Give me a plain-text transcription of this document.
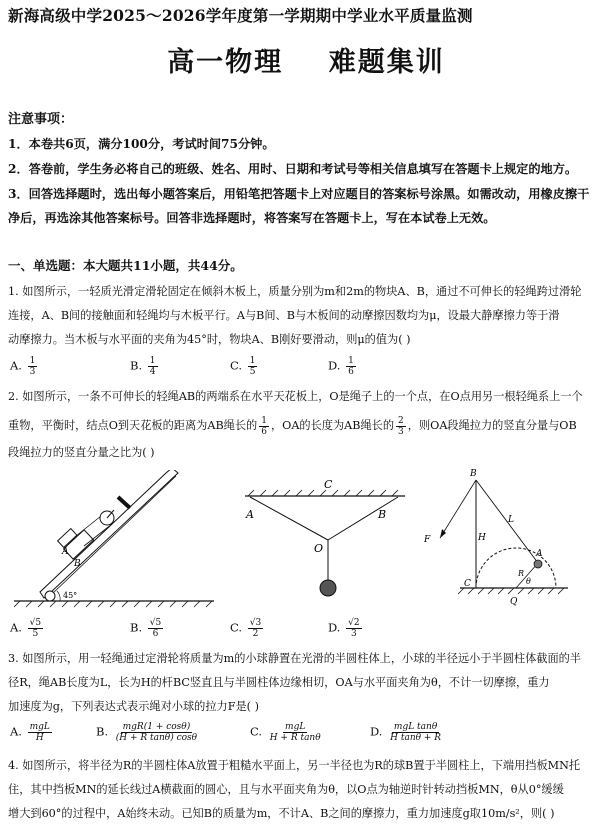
新海高级中学2025～2026学年度第一学期期中学业水平质量监测
高一物理    难题集训
注意事项：
1．本卷共6页，满分100分，考试时间75分钟。
2．答卷前，学生务必将自己的班级、姓名、用时、日期和考试号等相关信息填写在答题卡上规定的地方。
3．回答选择题时，选出每小题答案后，用铅笔把答题卡上对应题目的答案标号涂黑。如需改动，用橡皮擦干
净后，再选涂其他答案标号。回答非选择题时，将答案写在答题卡上，写在本试卷上无效。
一、单选题：本大题共11小题，共44分。
1. 如图所示，一轻质光滑定滑轮固定在倾斜木板上，质量分别为m和2m的物块A、B，通过不可伸长的轻绳跨过滑轮
连接，A、B间的接触面和轻绳均与木板平行。A与B间、B与木板间的动摩擦因数均为μ，设最大静摩擦力等于滑
动摩擦力。当木板与水平面的夹角为45°时，物块A、B刚好要滑动，则μ的值为( )
A. $\frac{1}{3}$	B. $\frac{1}{4}$	C. $\frac{1}{5}$	D. $\frac{1}{6}$
2. 如图所示，一条不可伸长的轻绳AB的两端系在水平天花板上，O是绳子上的一个点，在O点用另一根轻绳系上一个
重物，平衡时，结点O到天花板的距离为AB绳长的 $\frac{1}{6}$ ，OA的长度为AB绳长的 $\frac{2}{3}$ ，则OA段绳拉力的竖直分量与OB
段绳拉力的竖直分量之比为( )
45°
A
B
C
A	B
O
B
H
L
F
A
R
θ
C
Q
A. $\frac{√5}{5}$	B. $\frac{√5}{6}$	C. $\frac{√3}{2}$	D. $\frac{√2}{3}$
3. 如图所示，用一轻绳通过定滑轮将质量为m的小球静置在光滑的半圆柱体上，小球的半径远小于半圆柱体截面的半
径R，绳AB长度为L，长为H的杆BC竖直且与半圆柱体边缘相切，OA与水平面夹角为θ，不计一切摩擦，重力
加速度为g，下列表达式表示绳对小球的拉力F是( )
A. $\frac{\text{mgL}}{H}$	B. $\frac{\text{mgR(1 + cosθ)}}{\text{(H + R tanθ) cosθ}}$	C. $\frac{\text{mgL}}{\text{H + R tanθ}}$	D. $\frac{\text{mgL tanθ}}{\text{H tanθ + R}}$
4. 如图所示，将半径为R的半圆柱体A放置于粗糙水平面上，另一半径也为R的球B置于半圆柱上，下端用挡板MN托
住，其中挡板MN的延长线过A横截面的圆心，且与水平面夹角为θ，以O点为轴逆时针转动挡板MN，θ从0°缓缓
增大到60°的过程中，A始终未动。已知B的质量为m，不计A、B之间的摩擦力，重力加速度g取10m/s²，则( )
